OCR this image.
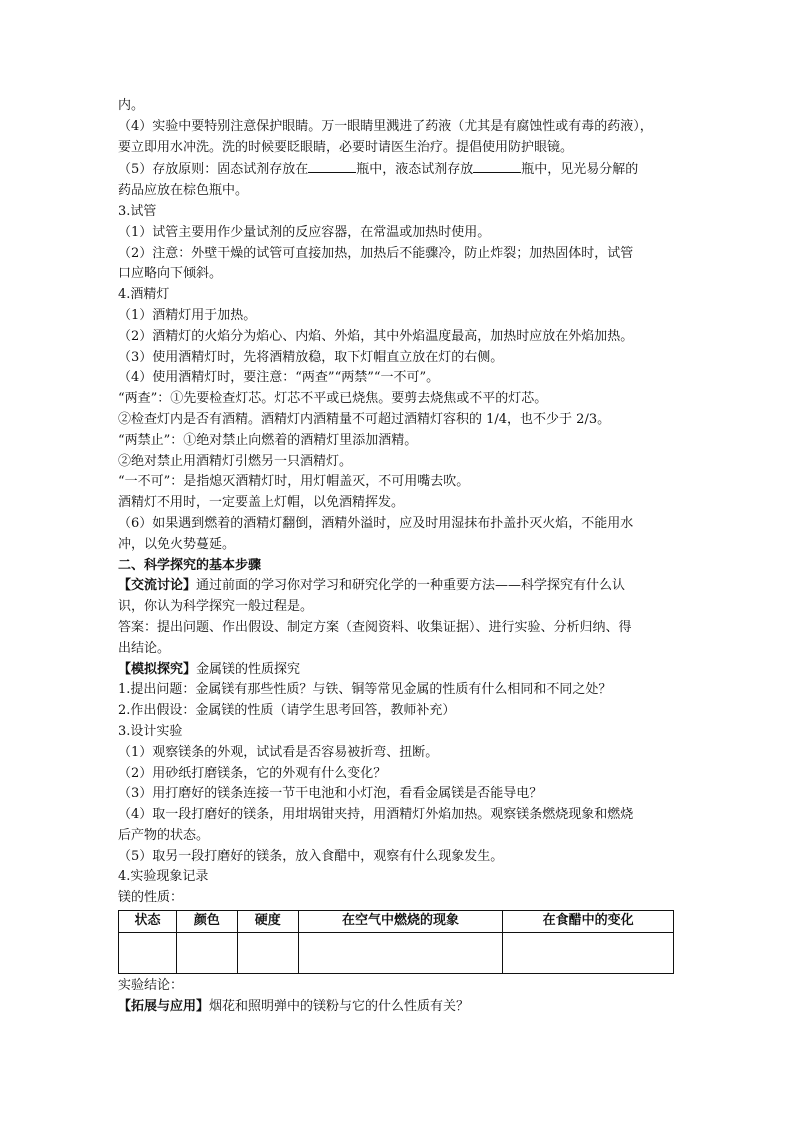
内。

（4）实验中要特别注意保护眼睛。万一眼睛里溅进了药液（尤其是有腐蚀性或有毒的药液），

要立即用水冲洗。洗的时候要眨眼睛，必要时请医生治疗。提倡使用防护眼镜。

（5）存放原则：固态试剂存放在	瓶中，液态试剂存放	瓶中，见光易分解的

药品应放在棕色瓶中。

3.试管

（1）试管主要用作少量试剂的反应容器，在常温或加热时使用。

（2）注意：外壁干燥的试管可直接加热，加热后不能骤冷，防止炸裂；加热固体时，试管

口应略向下倾斜。

4.酒精灯

（1）酒精灯用于加热。

（2）酒精灯的火焰分为焰心、内焰、外焰，其中外焰温度最高，加热时应放在外焰加热。

（3）使用酒精灯时，先将酒精放稳，取下灯帽直立放在灯的右侧。

（4）使用酒精灯时，要注意：“两查”“两禁”“一不可”。

“两查”：①先要检查灯芯。灯芯不平或已烧焦。要剪去烧焦或不平的灯芯。

②检查灯内是否有酒精。酒精灯内酒精量不可超过酒精灯容积的 1/4，也不少于 2/3。

“两禁止”：①绝对禁止向燃着的酒精灯里添加酒精。

②绝对禁止用酒精灯引燃另一只酒精灯。

“一不可”：是指熄灭酒精灯时，用灯帽盖灭，不可用嘴去吹。

酒精灯不用时，一定要盖上灯帽，以免酒精挥发。

（6）如果遇到燃着的酒精灯翻倒，酒精外溢时，应及时用湿抹布扑盖扑灭火焰，不能用水

冲，以免火势蔓延。

二、科学探究的基本步骤

【交流讨论】通过前面的学习你对学习和研究化学的一种重要方法——科学探究有什么认

识，你认为科学探究一般过程是。

答案：提出问题、作出假设、制定方案（查阅资料、收集证据）、进行实验、分析归纳、得

出结论。

【模拟探究】金属镁的性质探究

1.提出问题：金属镁有那些性质？与铁、铜等常见金属的性质有什么相同和不同之处？

2.作出假设：金属镁的性质（请学生思考回答，教师补充）

3.设计实验

（1）观察镁条的外观，试试看是否容易被折弯、扭断。

（2）用砂纸打磨镁条，它的外观有什么变化？

（3）用打磨好的镁条连接一节干电池和小灯泡，看看金属镁是否能导电？

（4）取一段打磨好的镁条，用坩埚钳夹持，用酒精灯外焰加热。观察镁条燃烧现象和燃烧

后产物的状态。

（5）取另一段打磨好的镁条，放入食醋中，观察有什么现象发生。

4.实验现象记录

镁的性质：

状态	颜色	硬度	在空气中燃烧的现象	在食醋中的变化

实验结论：

【拓展与应用】烟花和照明弹中的镁粉与它的什么性质有关？
